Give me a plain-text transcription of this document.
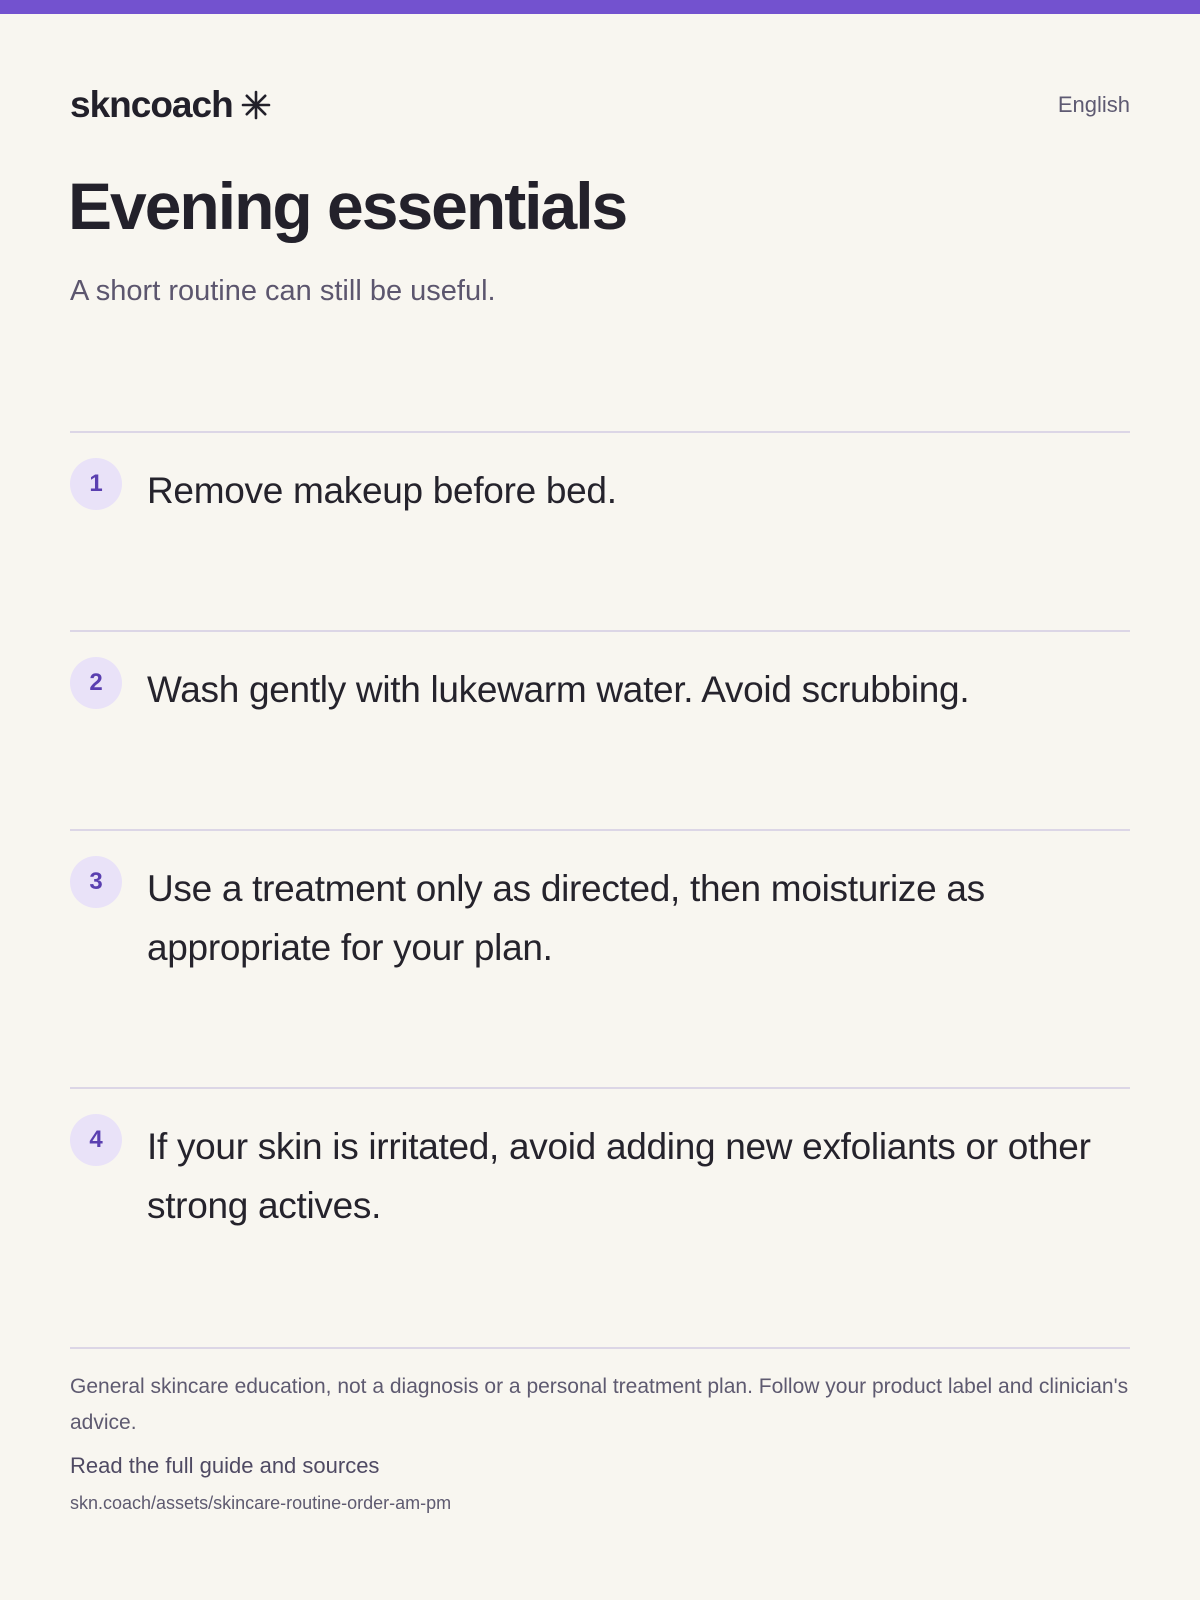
skncoach	English
Evening essentials

A short routine can still be useful.

1	Remove makeup before bed.

2	Wash gently with lukewarm water. Avoid scrubbing.

3	Use a treatment only as directed, then moisturize as appropriate for your plan.

4	If your skin is irritated, avoid adding new exfoliants or other strong actives.

General skincare education, not a diagnosis or a personal treatment plan. Follow your product label and clinician's advice.

Read the full guide and sources

skn.coach/assets/skincare-routine-order-am-pm
